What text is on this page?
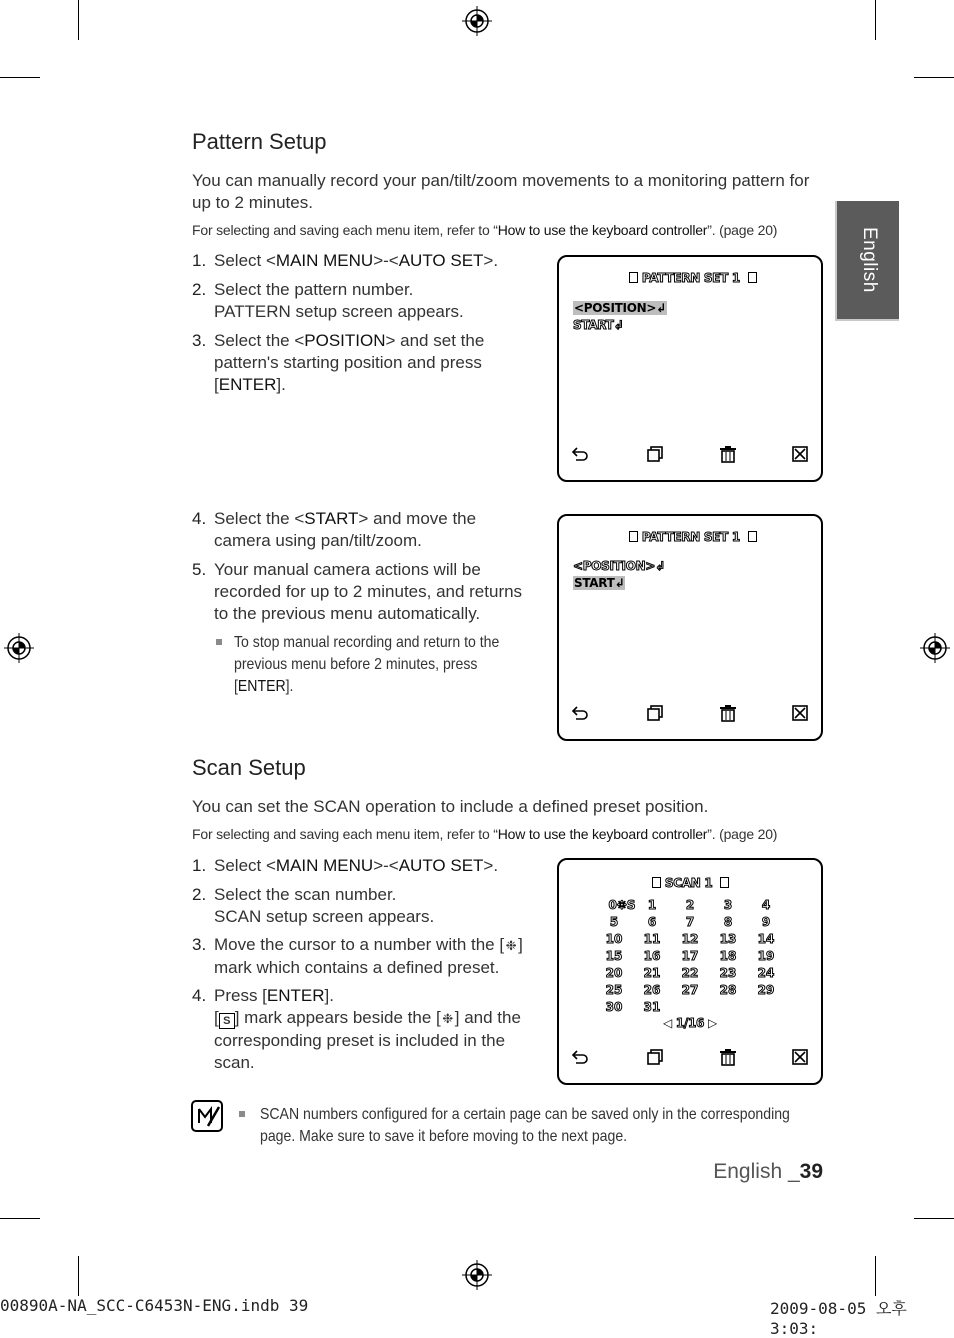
English
Pattern Setup
You can manually record your pan/tilt/zoom movements to a monitoring pattern for up to 2 minutes.
For selecting and saving each menu item, refer to “How to use the keyboard controller”. (page 20)
1. Select <MAIN MENU>-<AUTO SET>.
2. Select the pattern number.
PATTERN setup screen appears.
3. Select the <POSITION> and set the
pattern's starting position and press
[ENTER].
PATTERN SET 1
<POSITION>↲
START↲
4. Select the <START> and move the
camera using pan/tilt/zoom.
5. Your manual camera actions will be
recorded for up to 2 minutes, and returns
to the previous menu automatically.
To stop manual recording and return to the
previous menu before 2 minutes, press
[ENTER].
PATTERN SET 1
<POSITION>↲
START↲
Scan Setup
You can set the SCAN operation to include a defined preset position.
For selecting and saving each menu item, refer to “How to use the keyboard controller”. (page 20)
1. Select <MAIN MENU>-<AUTO SET>.
2. Select the scan number.
SCAN setup screen appears.
3. Move the cursor to a number with the [ ❉]
mark which contains a defined preset.
4. Press [ENTER].
[ S ] mark appears beside the [ ❉] and the
corresponding preset is included in the
scan.
SCAN 1
0❉S	1	2	3	4
5	6	7	8	9
10	11	12	13	14
15	16	17	18	19
20	21	22	23	24
25	26	27	28	29
30	31
◁ 1/16 ▷
SCAN numbers configured for a certain page can be saved only in the corresponding
page. Make sure to save it before moving to the next page.
English _39
00890A-NA_SCC-C6453N-ENG.indb 39	2009-08-05 오후 3:03:
